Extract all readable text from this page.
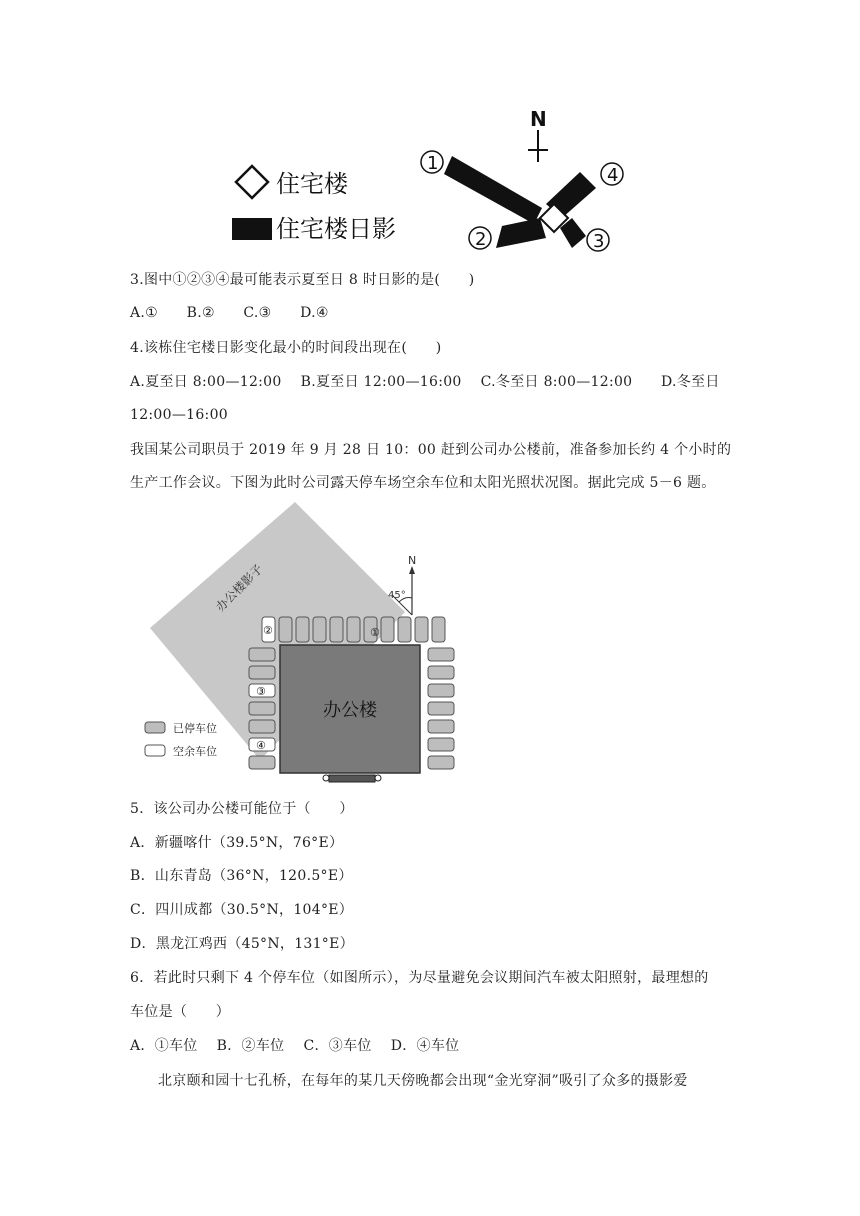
住宅楼
住宅楼日影
N
1
2	3
4
3.图中①②③④最可能表示夏至日 8 时日影的是(　　)
A.①　　B.②　　C.③　　D.④
4.该栋住宅楼日影变化最小的时间段出现在(　　)
A.夏至日 8:00—12:00　 B.夏至日 12:00—16:00　 C.冬至日 8:00—12:00　　D.冬至日
12:00—16:00
我国某公司职员于 2019 年 9 月 28 日 10：00 赶到公司办公楼前，准备参加长约 4 个小时的
生产工作会议。下图为此时公司露天停车场空余车位和太阳光照状况图。据此完成 5－6 题。
办公楼影子
N
45°
②	①
③
④
办公楼
已停车位
空余车位
5．该公司办公楼可能位于（　　）
A．新疆喀什（39.5°N，76°E）
B．山东青岛（36°N，120.5°E）
C．四川成都（30.5°N，104°E）
D．黑龙江鸡西（45°N，131°E）
6．若此时只剩下 4 个停车位（如图所示），为尽量避免会议期间汽车被太阳照射，最理想的
车位是（　　）
A．①车位　 B．②车位　 C．③车位　 D．④车位
北京颐和园十七孔桥，在每年的某几天傍晚都会出现“金光穿洞”吸引了众多的摄影爱
